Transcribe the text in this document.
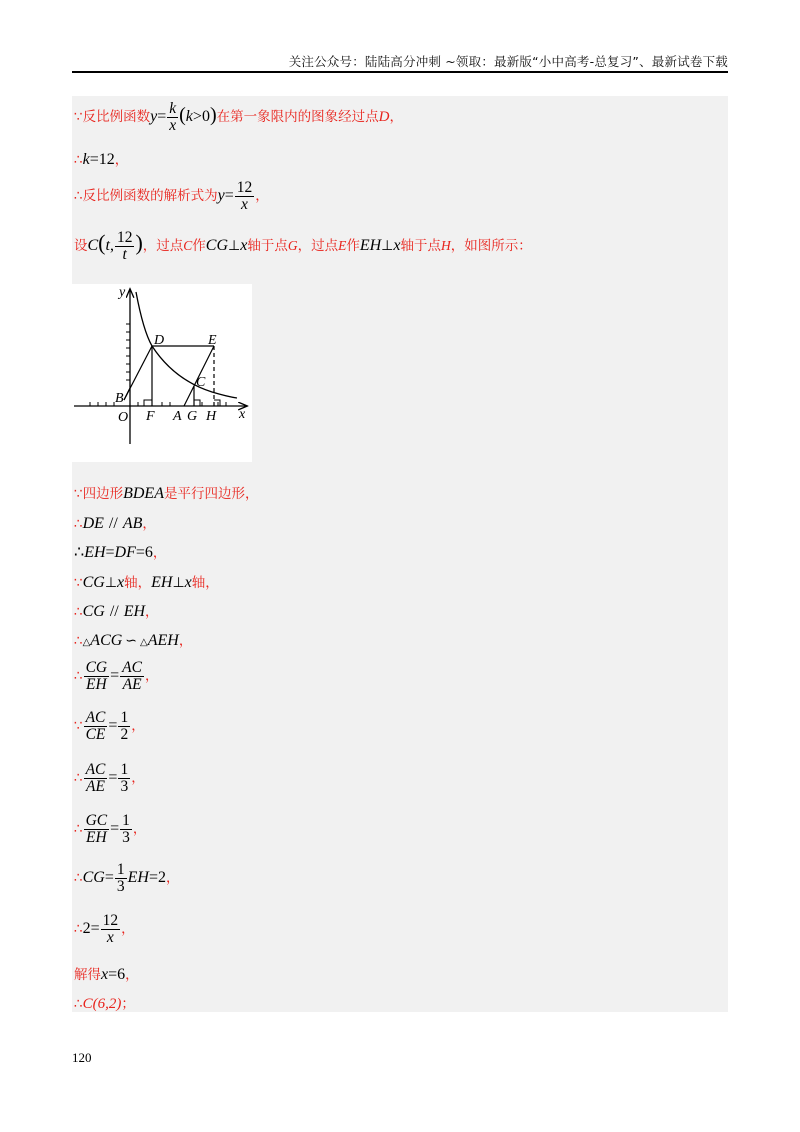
关注公众号：陆陆高分冲刺 ~领取：最新版“小中高考-总复习”、最新试卷下载
∵反比例函数$y= \frac{k}{x} (k>0)$在第一象限内的图象经过点D，
∴k=12，
∴反比例函数的解析式为$y= \frac{12}{x}$ ，
设C(t, $\frac{12}{t}$ )，过点C作CG⊥x轴于点G，过点E作EH⊥x轴于点H，如图所示：
y
x
O
B
D	E
C
F A G H
∵四边形BDEA是平行四边形，
∴DE // AB，
∴EH=DF=6，
∵CG⊥x轴，EH⊥x轴，
∴CG // EH，
∴△ACG ∽ △AEH，
∴ $\frac{CG}{EH} = \frac{AC}{AE}$ ，
∵ $\frac{AC}{CE} = \frac{1}{2}$ ，
∴ $\frac{AC}{AE} = \frac{1}{3}$ ，
∴ $\frac{GC}{EH} = \frac{1}{3}$ ，
∴CG= $\frac{1}{3} EH=2$，
∴2= $\frac{12}{x}$ ，
解得x=6，
∴C(6,2)；
120
